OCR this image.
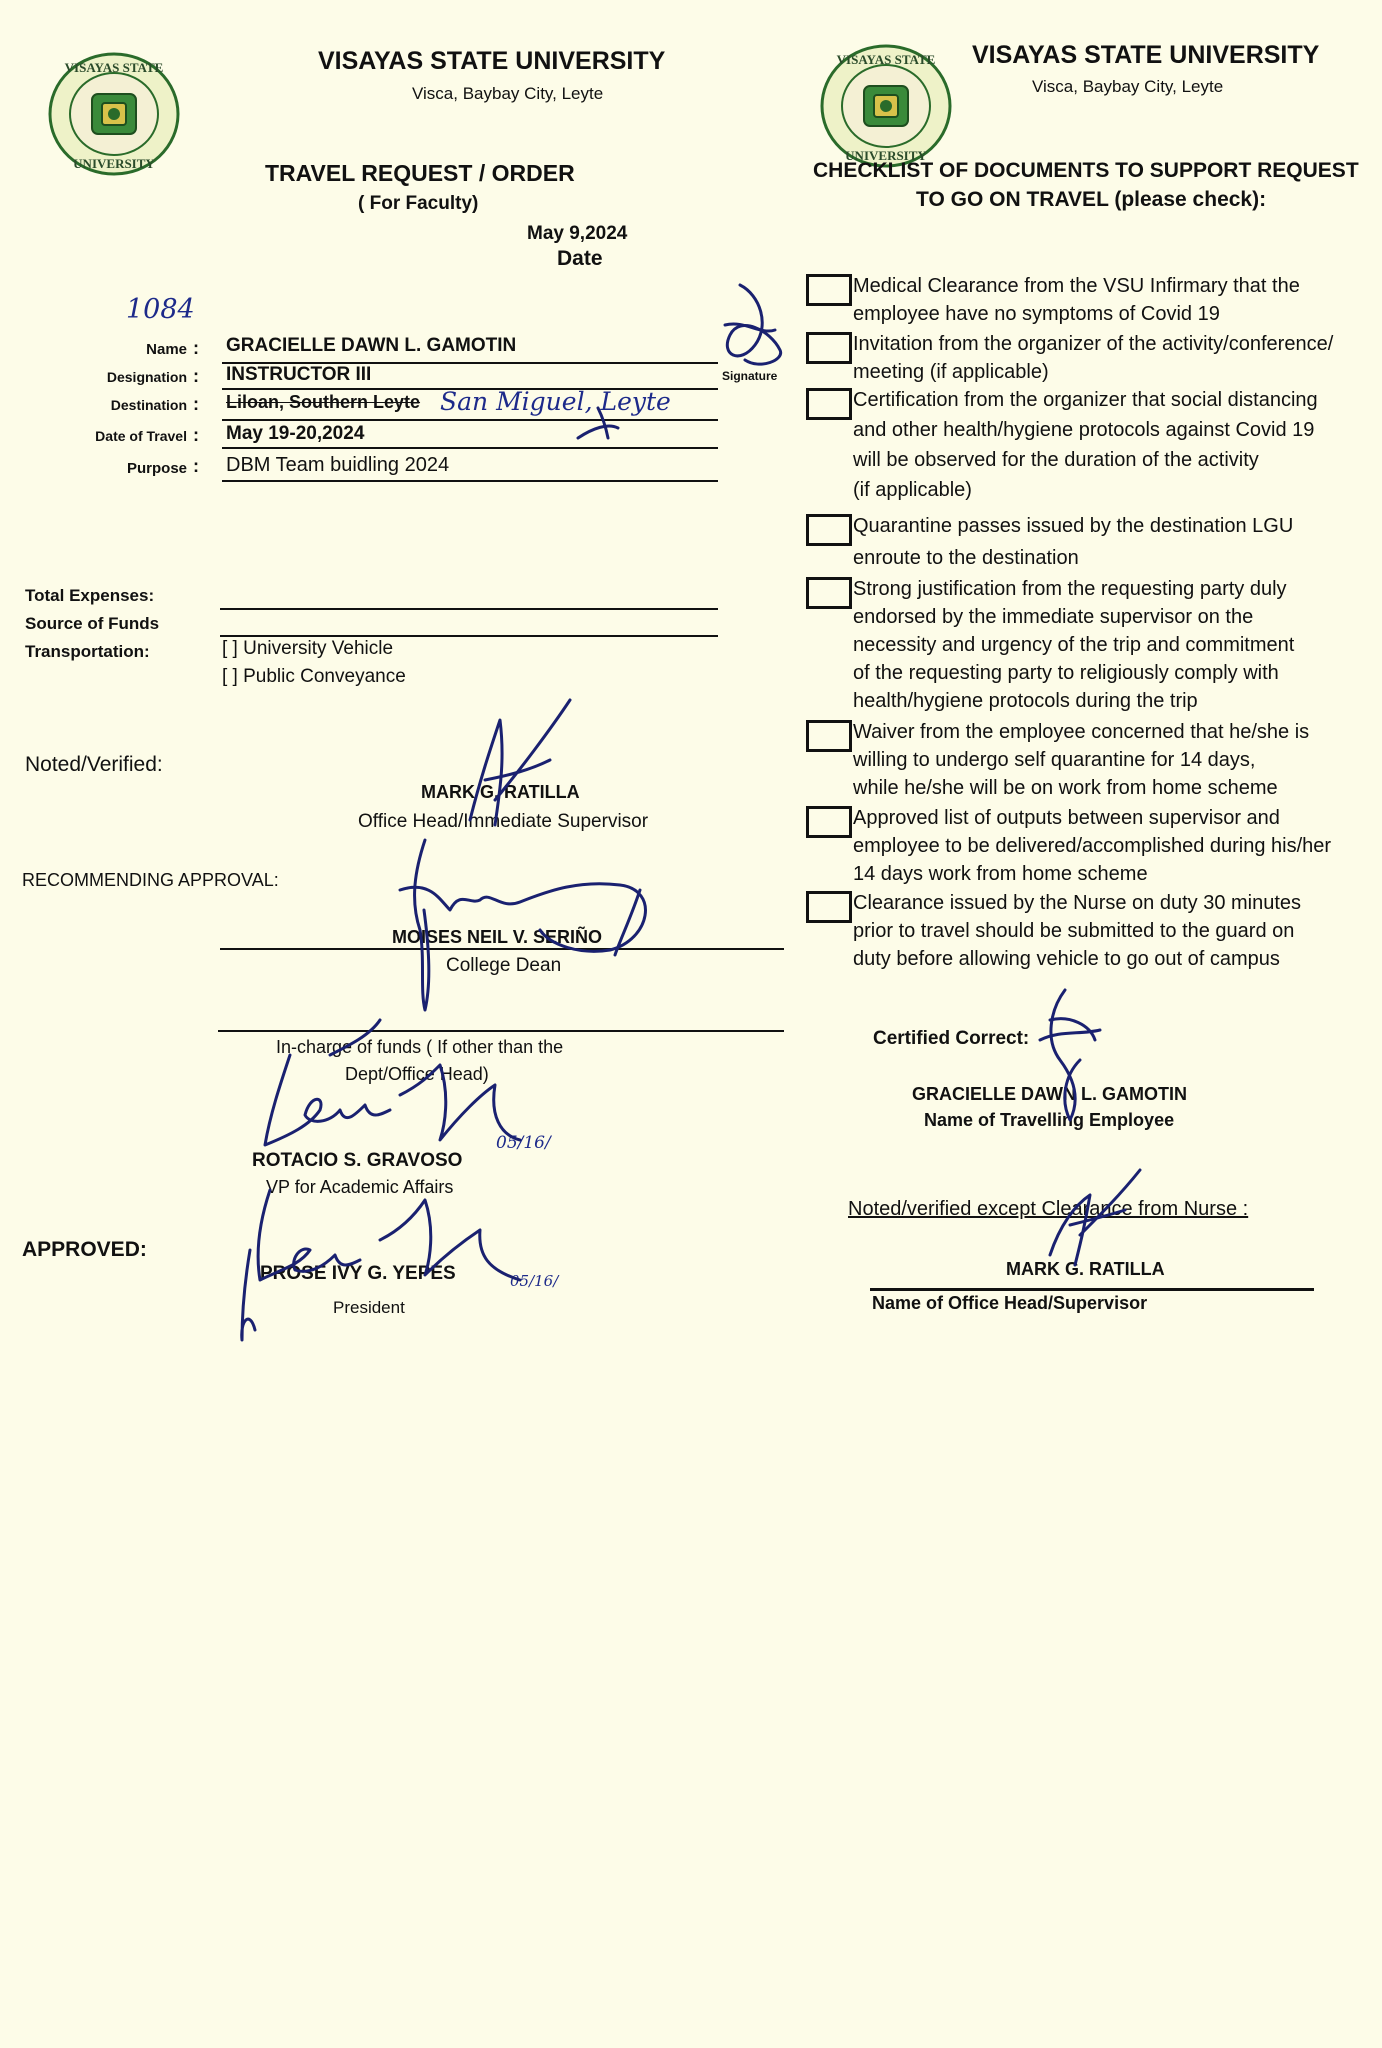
VISAYAS STATE
UNIVERSITY
VISAYAS STATE UNIVERSITY
Visca, Baybay City, Leyte
TRAVEL REQUEST / ORDER
( For Faculty)
May 9,2024
Date
1084
Name : GRACIELLE DAWN L. GAMOTIN
Designation : INSTRUCTOR III
Destination : Liloan, Southern Leyte San Miguel, Leyte
Date of Travel : May 19-20,2024
Purpose : DBM Team buidling 2024
Total Expenses:
Source of Funds
Transportation:	[ ] University Vehicle
[ ] Public Conveyance
Noted/Verified:
MARK G. RATILLA
Office Head/Immediate Supervisor
RECOMMENDING APPROVAL:
MOISES NEIL V. SERIÑO
College Dean
In-charge of funds ( If other than the
Dept/Office Head)
ROTACIO S. GRAVOSO
05/16/
VP for Academic Affairs
APPROVED:
PROSE IVY G. YEPES	05/16/
President
VISAYAS STATE
UNIVERSITY
VISAYAS STATE UNIVERSITY
Visca, Baybay City, Leyte
CHECKLIST OF DOCUMENTS TO SUPPORT REQUEST
TO GO ON TRAVEL (please check):
Medical Clearance from the VSU Infirmary that the
employee have no symptoms of Covid 19
Invitation from the organizer of the activity/conference/
meeting (if applicable)
Certification from the organizer that social distancing
and other health/hygiene protocols against Covid 19
will be observed for the duration of the activity
(if applicable)
Quarantine passes issued by the destination LGU
enroute to the destination
Strong justification from the requesting party duly
endorsed by the immediate supervisor on the
necessity and urgency of the trip and commitment
of the requesting party to religiously comply with
health/hygiene protocols during the trip
Waiver from the employee concerned that he/she is
willing to undergo self quarantine for 14 days,
while he/she will be on work from home scheme
Approved list of outputs between supervisor and
employee to be delivered/accomplished during his/her
14 days work from home scheme
Clearance issued by the Nurse on duty 30 minutes
prior to travel should be submitted to the guard on
duty before allowing vehicle to go out of campus
Certified Correct:
GRACIELLE DAWN L. GAMOTIN
Name of Travelling Employee
Noted/verified except Clearance from Nurse :
MARK G. RATILLA
Name of Office Head/Supervisor
Signature
